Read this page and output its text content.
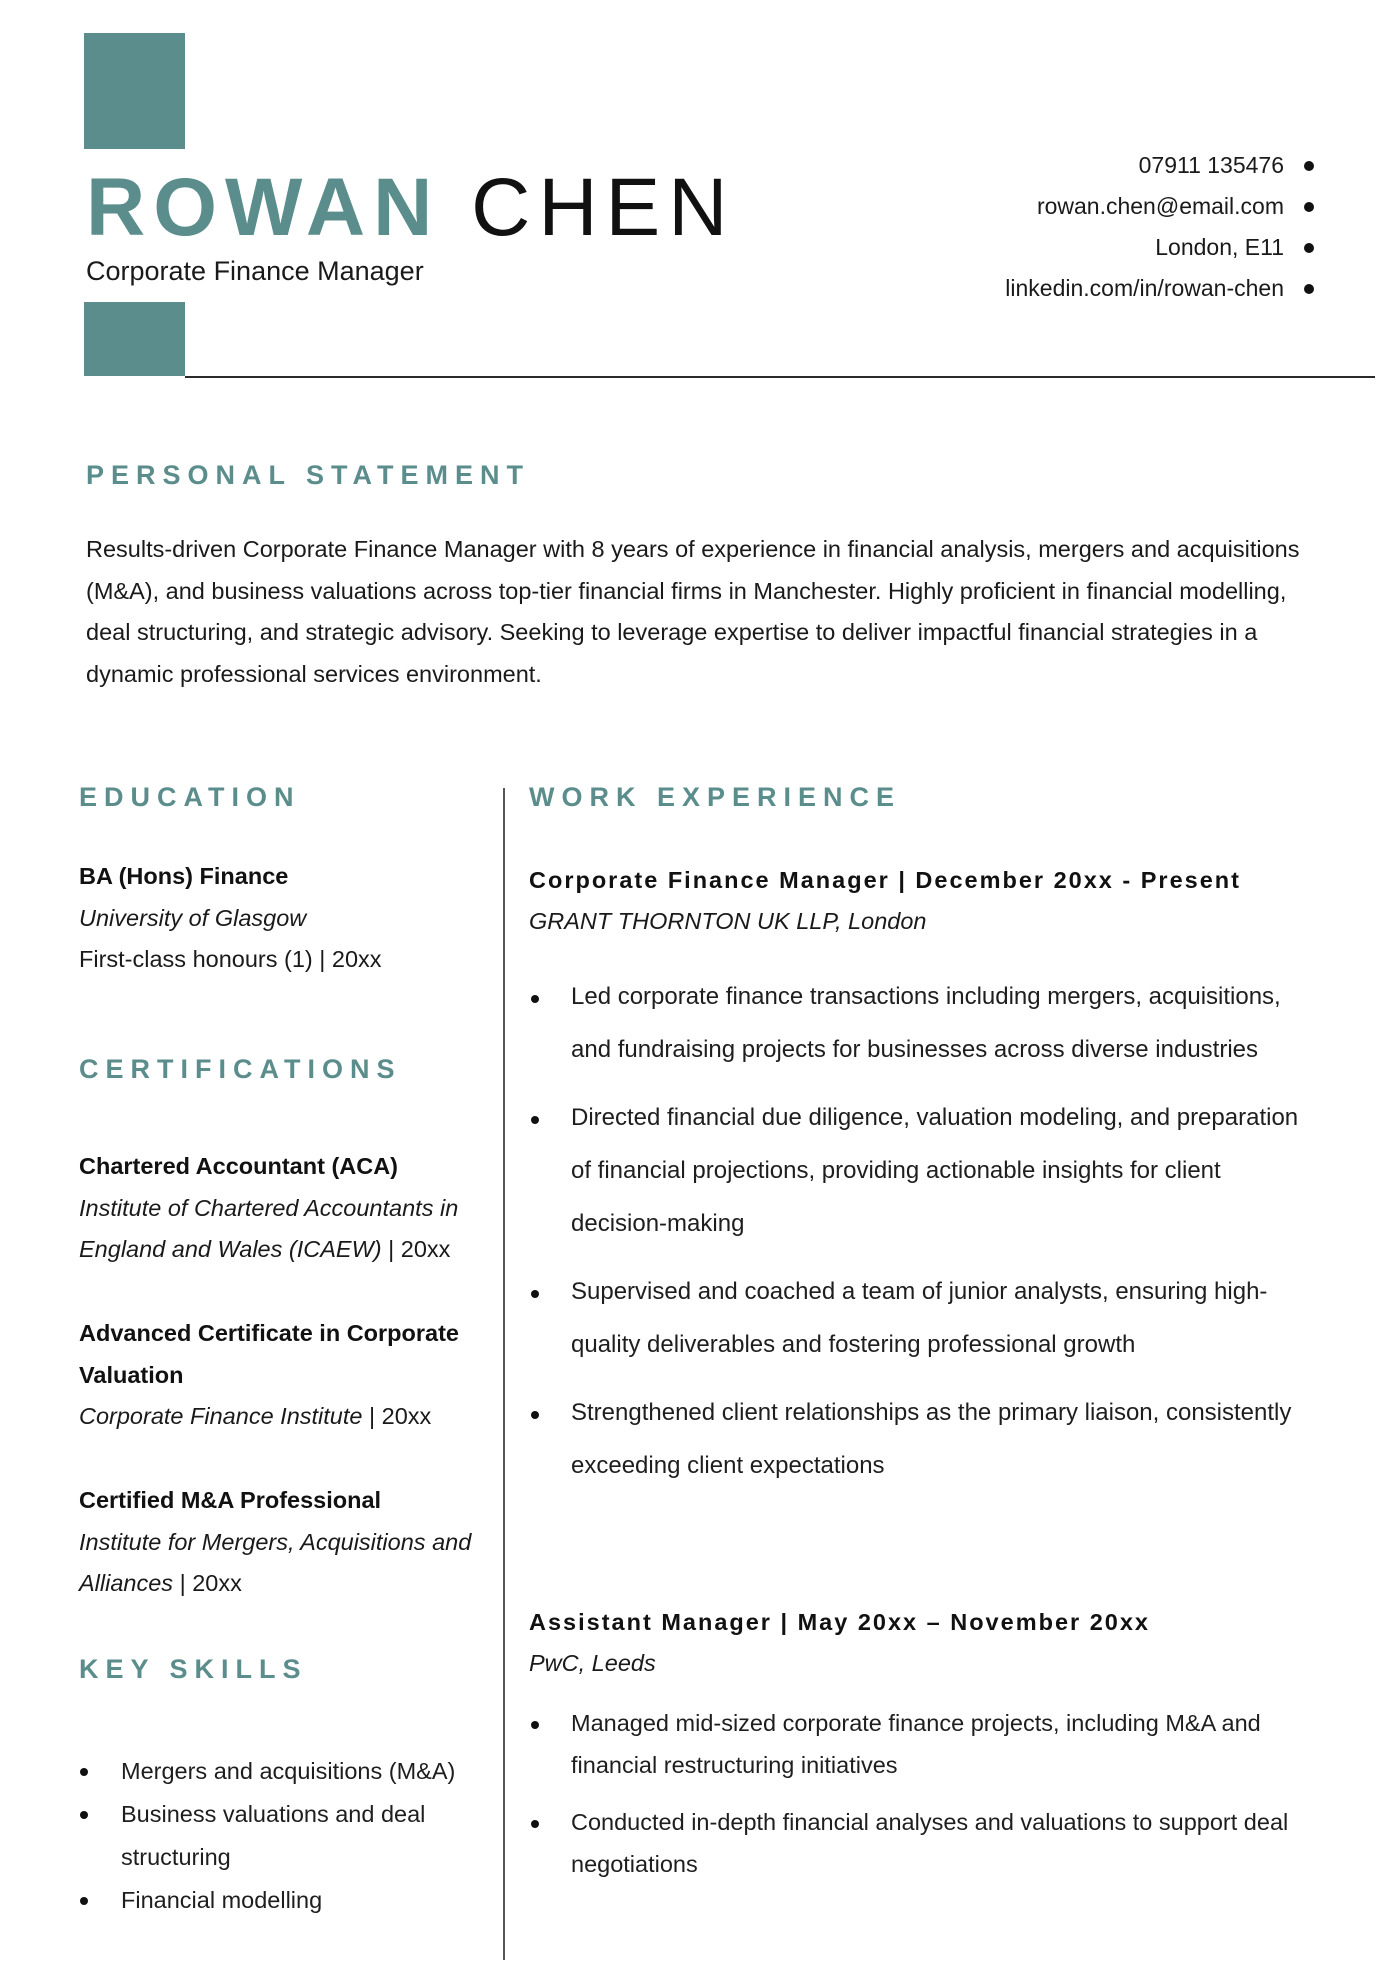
ROWAN CHEN
Corporate Finance Manager
07911 135476
rowan.chen@email.com
London, E11
linkedin.com/in/rowan-chen
PERSONAL STATEMENT
Results-driven Corporate Finance Manager with 8 years of experience in financial analysis, mergers and acquisitions (M&A), and business valuations across top-tier financial firms in Manchester. Highly proficient in financial modelling, deal structuring, and strategic advisory. Seeking to leverage expertise to deliver impactful financial strategies in a dynamic professional services environment.
EDUCATION
BA (Hons) Finance
University of Glasgow
First-class honours (1) | 20xx
CERTIFICATIONS
Chartered Accountant (ACA)
Institute of Chartered Accountants in England and Wales (ICAEW) | 20xx
Advanced Certificate in Corporate Valuation
Corporate Finance Institute | 20xx
Certified M&A Professional
Institute for Mergers, Acquisitions and Alliances | 20xx
KEY SKILLS
Mergers and acquisitions (M&A)
Business valuations and deal structuring
Financial modelling
WORK EXPERIENCE
Corporate Finance Manager | December 20xx - Present
GRANT THORNTON UK LLP, London
Led corporate finance transactions including mergers, acquisitions, and fundraising projects for businesses across diverse industries
Directed financial due diligence, valuation modeling, and preparation of financial projections, providing actionable insights for client decision-making
Supervised and coached a team of junior analysts, ensuring high-quality deliverables and fostering professional growth
Strengthened client relationships as the primary liaison, consistently exceeding client expectations
Assistant Manager | May 20xx – November 20xx
PwC, Leeds
Managed mid-sized corporate finance projects, including M&A and financial restructuring initiatives
Conducted in-depth financial analyses and valuations to support deal negotiations
